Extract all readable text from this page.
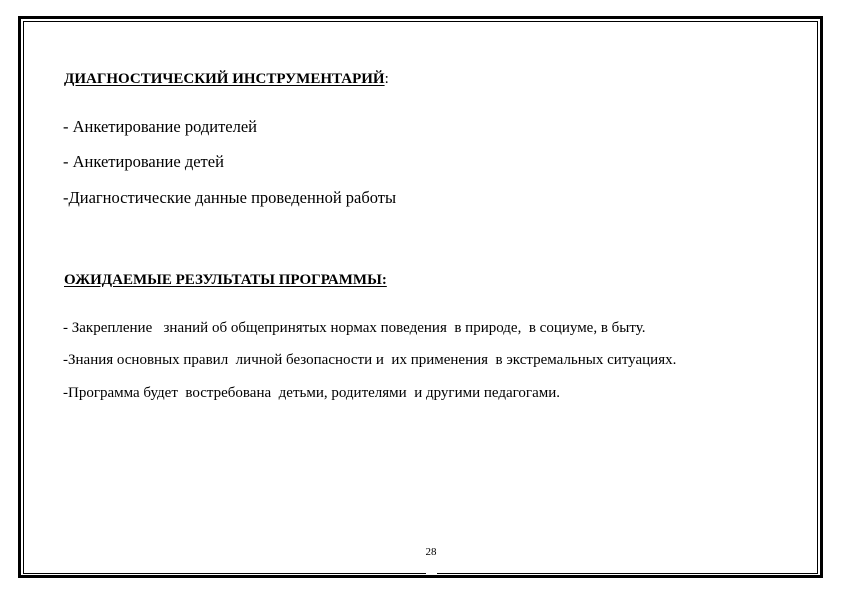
ДИАГНОСТИЧЕСКИЙ ИНСТРУМЕНТАРИЙ:
- Анкетирование родителей
- Анкетирование детей
-Диагностические данные проведенной работы
ОЖИДАЕМЫЕ РЕЗУЛЬТАТЫ ПРОГРАММЫ:
- Закрепление   знаний об общепринятых нормах поведения  в природе,  в социуме, в быту.
-Знания основных правил  личной безопасности и  их применения  в экстремальных ситуациях.
-Программа будет  востребована  детьми, родителями  и другими педагогами.
28
